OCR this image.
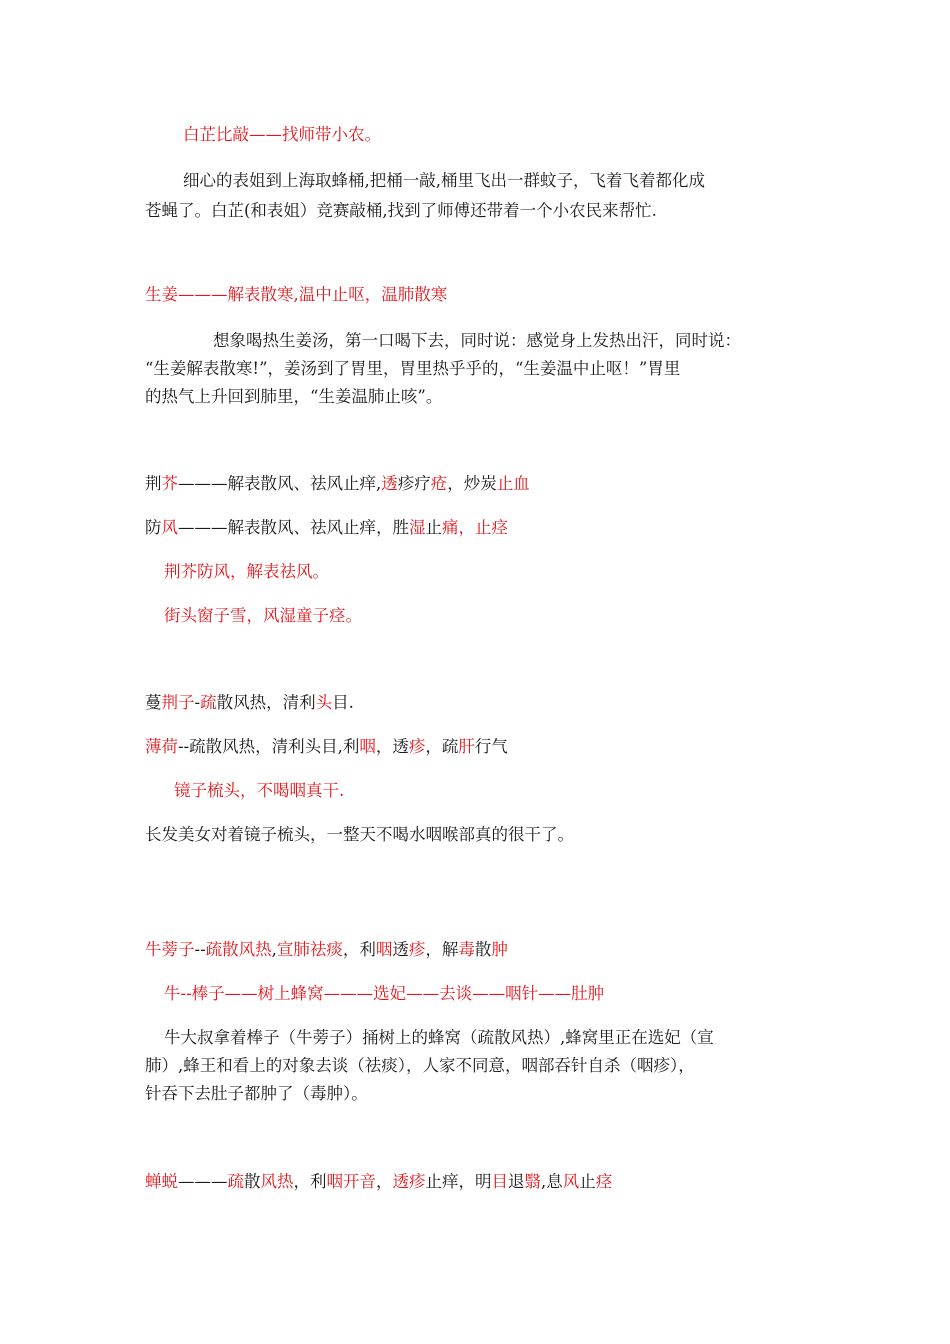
白芷比敲——找师带小农。
细心的表姐到上海取蜂桶,把桶一敲,桶里飞出一群蚊子，飞着飞着都化成
苍蝇了。白芷(和表姐）竞赛敲桶,找到了师傅还带着一个小农民来帮忙.
生姜———解表散寒,温中止呕，温肺散寒
想象喝热生姜汤，第一口喝下去，同时说：感觉身上发热出汗，同时说：
“生姜解表散寒!”，姜汤到了胃里，胃里热乎乎的，“生姜温中止呕！”胃里
的热气上升回到肺里，“生姜温肺止咳”。
荆芥———解表散风、祛风止痒,透疹疗疮，炒炭止血
防风———解表散风、祛风止痒，胜湿止痛，止痉
荆芥防风，解表祛风。
街头窗子雪，风湿童子痉。
蔓荆子-疏散风热，清利头目.
薄荷--疏散风热，清利头目,利咽，透疹，疏肝行气
镜子梳头，不喝咽真干.
长发美女对着镜子梳头，一整天不喝水咽喉部真的很干了。
牛蒡子--疏散风热,宣肺祛痰，利咽透疹，解毒散肿
牛--棒子——树上蜂窝———选妃——去谈——咽针——肚肿
牛大叔拿着棒子（牛蒡子）捅树上的蜂窝（疏散风热）,蜂窝里正在选妃（宣
肺）,蜂王和看上的对象去谈（祛痰），人家不同意，咽部吞针自杀（咽疹），
针吞下去肚子都肿了（毒肿）。
蝉蜕———疏散风热，利咽开音，透疹止痒，明目退翳,息风止痉
